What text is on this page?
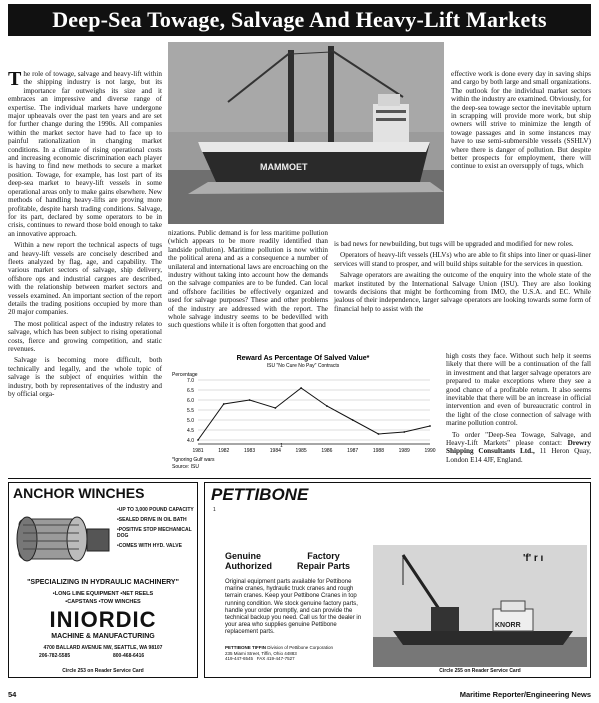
Deep-Sea Towage, Salvage And Heavy-Lift Markets
MAMMOET

The role of towage, salvage and heavy-lift within the shipping industry is not large, but its importance far outweighs its size and it embraces an impressive and diverse range of expertise. The individual markets have undergone major upheavals over the past ten years and are set for further change during the 1990s. All companies within the market sector have had to face up to painful rationalization in changing market conditions. In a climate of rising operational costs and increasing economic discrimination each player is having to find new methods to secure a market position. Towage, for example, has lost part of its deep-sea market to heavy-lift vessels in some operational areas only to make gains elsewhere. New methods of handling heavy-lifts are proving more profitable, despite harsh trading conditions. Salvage, for its part, declared by some operators to be in crisis, continues to reward those bold enough to take an innovative approach.

Within a new report the technical aspects of tugs and heavy-lift vessels are concisely described and fleets analyzed by flag, age, and capability. The various market sectors of salvage, ship delivery, offshore ops and industrial cargoes are described, with the relationship between market sectors and vessels examined. An important section of the report details the trading positions occupied by more than 20 major companies.

The most political aspect of the industry relates to salvage, which has been subject to rising operational costs, fierce and growing competition, and static revenues.

Salvage is becoming more difficult, both technically and legally, and the whole topic of salvage is the subject of enquiries within the industry, both by representatives of the industry and by official orga-

nizations. Public demand is for less maritime pollution (which appears to be more readily identified than landside pollution). Maritime pollution is now within the political arena and as a consequence a number of unilateral and international laws are encroaching on the industry without taking into account how the demands on the salvage companies are to be funded. Can local and offshore facilities be effectively organized and used for salvage purposes? These and other problems of the industry are addressed with the report. The whole salvage industry seems to be bedevilled with such questions while it is often forgotten that good and

effective work is done every day in saving ships and cargo by both large and small organizations. The outlook for the individual market sectors within the industry are examined. Obviously, for the deep-sea towage sector the inevitable upturn in scrapping will provide more work, but ship owners will strive to minimize the length of towage passages and in some instances may have to use semi-submersible vessels (SSHLV) where there is danger of pollution. But despite better prospects for employment, there will continue to exist an oversupply of tugs, which

is bad news for newbuilding, but tugs will be upgraded and modified for new roles.

Operators of heavy-lift vessels (HLVs) who are able to fit ships into liner or quasi-liner services will stand to prosper, and will build ships suitable for the services in question.

Salvage operators are awaiting the outcome of the enquiry into the whole state of the market instituted by the International Salvage Union (ISU). They are also looking towards decisions that might be forthcoming from IMO, the U.S.A. and EC. While jealous of their independence, larger salvage operators are looking towards some form of financial help to assist with the

high costs they face. Without such help it seems likely that there will be a continuation of the fall in investment and that larger salvage operators are prepared to make exceptions where they see a good chance of a profitable return. It also seems inevitable that there will be an increase in official intervention and even of bureaucratic control in the light of the close connection of salvage with marine pollution control.

To order "Deep-Sea Towage, Salvage, and Heavy-Lift Markets" please contact: Drewry Shipping Consultants Ltd., 11 Heron Quay, London E14 4JF, England.

Reward As Percentage Of Salved Value*
ISU "No Cure No Pay" Contracts
Percentage
7.0
6.5
6.0
5.5
5.0
4.5
4.0
1981	1982	1983	1984	1985	1986	1987	1988	1989	1990
1
*Ignoring Gulf wars
Source: ISU
ANCHOR WINCHES
•UP TO 3,000 POUND CAPACITY
•SEALED DRIVE IN OIL BATH
•POSITIVE STOP MECHANICAL DOG
•COMES WITH HYD. VALVE
"SPECIALIZING IN HYDRAULIC MACHINERY"
•LONG LINE EQUIPMENT •NET REELS
•CAPSTANS •TOW WINCHES
INIORDIC
MACHINE & MANUFACTURING
4700 BALLARD AVENUE NW, SEATTLE, WA 98107
206-782-5585	800-468-6416
Circle 253 on Reader Service Card
PETTIBONE
1
Genuine
Authorized
Factory
Repair Parts
Original equipment parts available for Pettibone marine cranes, hydraulic truck cranes and rough terrain cranes. Keep your Pettibone Cranes in top running condition. We stock genuine factory parts, handle your order promptly, and can provide the technical backup you need. Call us for the dealer in your area who supplies genuine Pettibone replacement parts.
PETTIBONE TIFFIN Division of Pettibone Corporation
235 Miami Street, Tiffin, Ohio 44883
419-447-6545 FAX 419-447-7527
KNORR
'f' r ı
Circle 255 on Reader Service Card
54	Maritime Reporter/Engineering News
